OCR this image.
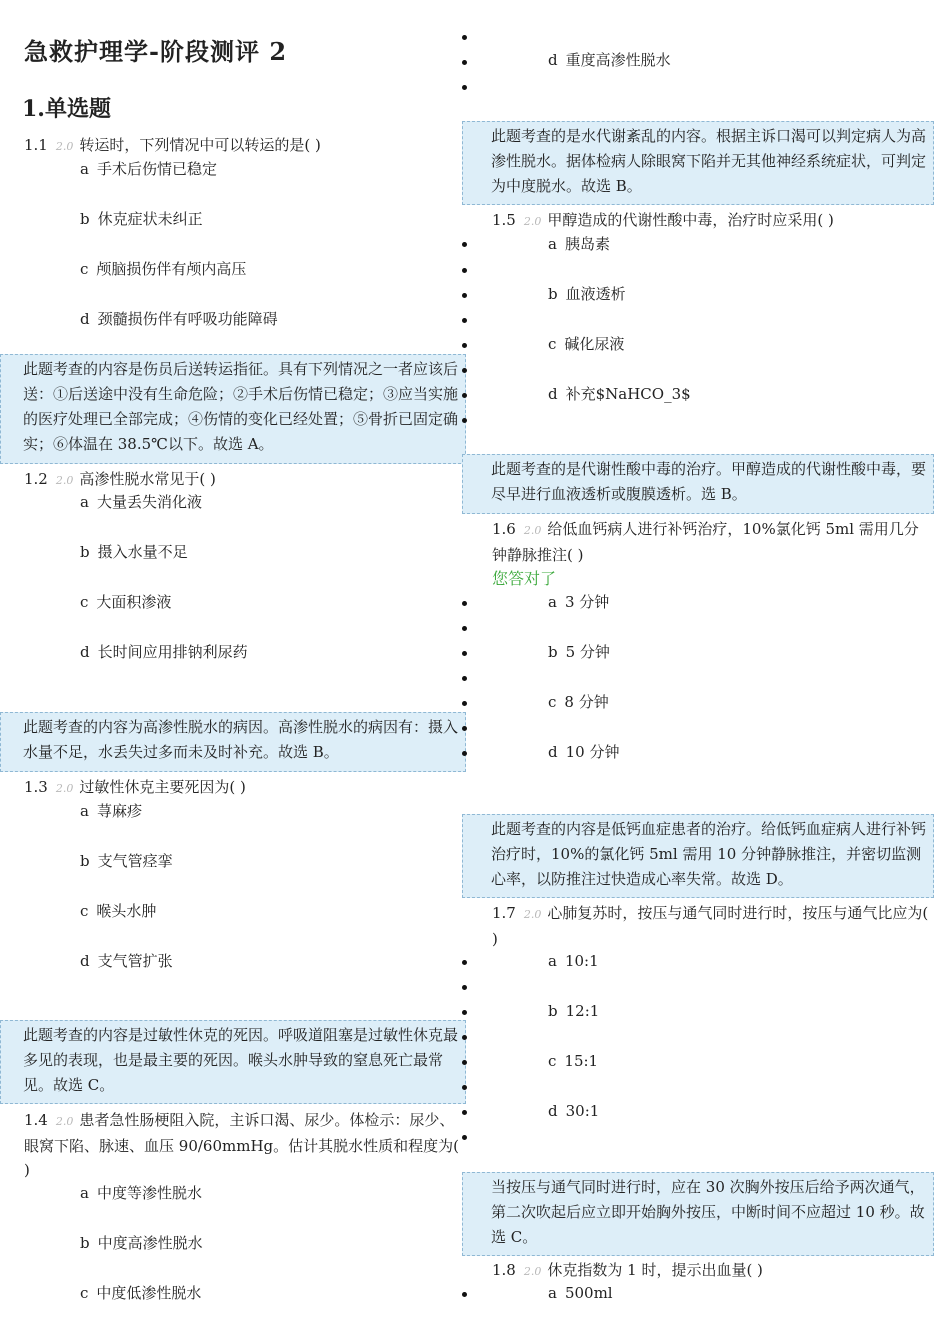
急救护理学-阶段测评 2
1.单选题
1.1 2.0 转运时，下列情况中可以转运的是( )
a 手术后伤情已稳定
b 休克症状未纠正
c 颅脑损伤伴有颅内高压
d 颈髓损伤伴有呼吸功能障碍
此题考查的内容是伤员后送转运指征。具有下列情况之一者应该后送：①后送途中没有生命危险；②手术后伤情已稳定；③应当实施的医疗处理已全部完成；④伤情的变化已经处置；⑤骨折已固定确实；⑥体温在 38.5℃以下。故选 A。
1.2 2.0 高渗性脱水常见于( )
a 大量丢失消化液
b 摄入水量不足
c 大面积渗液
d 长时间应用排钠利尿药
此题考查的内容为高渗性脱水的病因。高渗性脱水的病因有：摄入水量不足，水丢失过多而未及时补充。故选 B。
1.3 2.0 过敏性休克主要死因为( )
a 荨麻疹
b 支气管痉挛
c 喉头水肿
d 支气管扩张
此题考查的内容是过敏性休克的死因。呼吸道阻塞是过敏性休克最多见的表现，也是最主要的死因。喉头水肿导致的窒息死亡最常见。故选 C。
1.4 2.0 患者急性肠梗阻入院，主诉口渴、尿少。体检示：尿少、眼窝下陷、脉速、血压 90/60mmHg。估计其脱水性质和程度为( )
a 中度等渗性脱水
b 中度高渗性脱水
c 中度低渗性脱水
d 重度高渗性脱水
此题考查的是水代谢紊乱的内容。根据主诉口渴可以判定病人为高渗性脱水。据体检病人除眼窝下陷并无其他神经系统症状，可判定为中度脱水。故选 B。
1.5 2.0 甲醇造成的代谢性酸中毒，治疗时应采用( )
a 胰岛素
b 血液透析
c 碱化尿液
d 补充$NaHCO_3$
此题考查的是代谢性酸中毒的治疗。甲醇造成的代谢性酸中毒，要尽早进行血液透析或腹膜透析。选 B。
1.6 2.0 给低血钙病人进行补钙治疗，10%氯化钙 5ml 需用几分钟静脉推注( )
您答对了
a 3 分钟
b 5 分钟
c 8 分钟
d 10 分钟
此题考查的内容是低钙血症患者的治疗。给低钙血症病人进行补钙治疗时，10%的氯化钙 5ml 需用 10 分钟静脉推注，并密切监测心率，以防推注过快造成心率失常。故选 D。
1.7 2.0 心肺复苏时，按压与通气同时进行时，按压与通气比应为( )
a 10:1
b 12:1
c 15:1
d 30:1
当按压与通气同时进行时，应在 30 次胸外按压后给予两次通气，第二次吹起后应立即开始胸外按压，中断时间不应超过 10 秒。故选 C。
1.8 2.0 休克指数为 1 时，提示出血量( )
a 500ml
